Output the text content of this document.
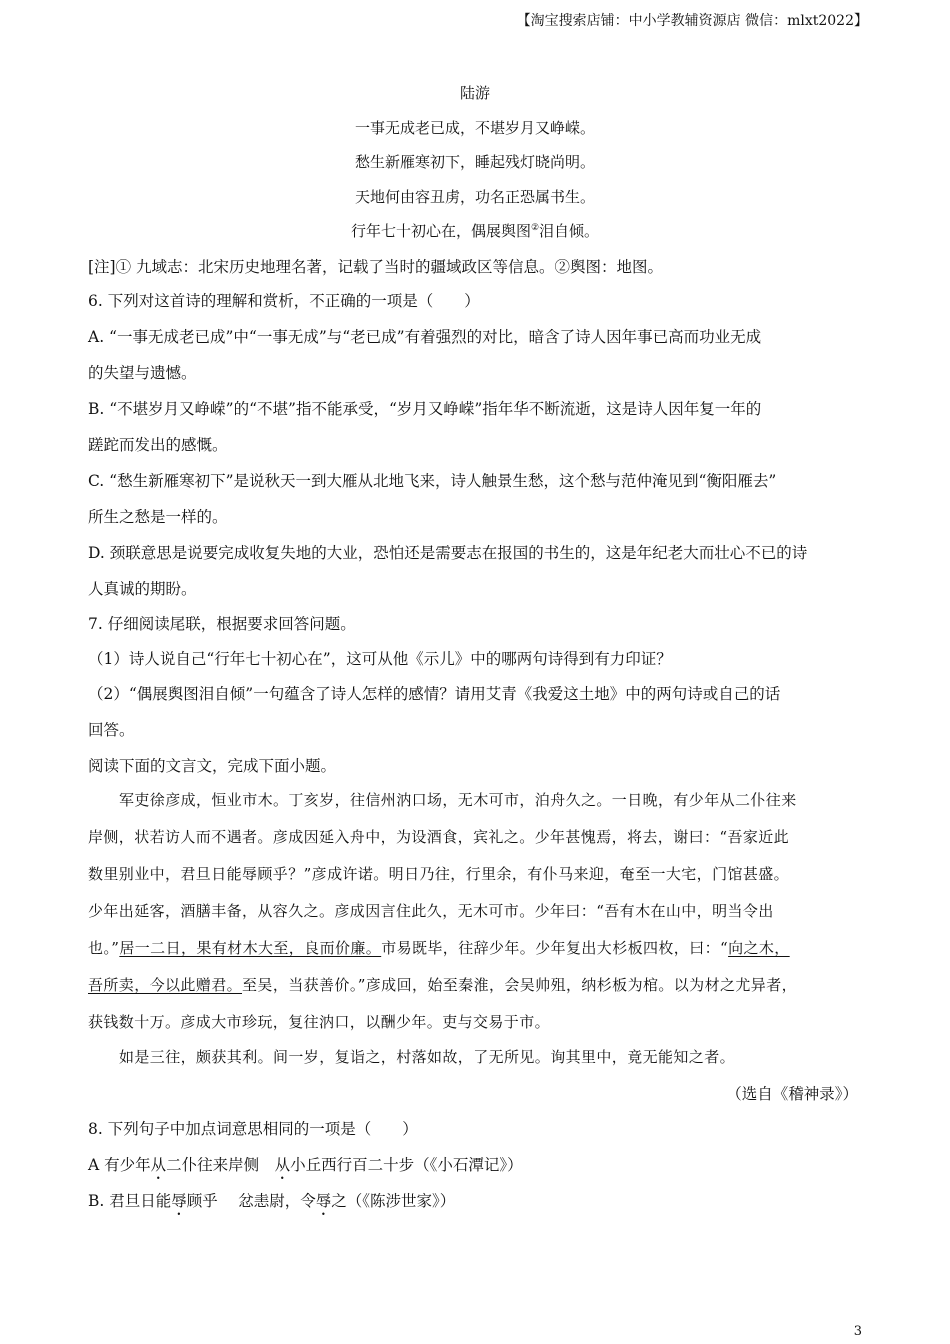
【淘宝搜索店铺：中小学教辅资源店 微信：mlxt2022】
陆游
一事无成老已成，不堪岁月又峥嵘。
愁生新雁寒初下，睡起残灯晓尚明。
天地何由容丑虏，功名正恐属书生。
行年七十初心在，偶展舆图②泪自倾。
[注]① 九域志：北宋历史地理名著，记载了当时的疆域政区等信息。②舆图：地图。
6. 下列对这首诗的理解和赏析，不正确的一项是（　　）
A. “一事无成老已成”中“一事无成”与“老已成”有着强烈的对比，暗含了诗人因年事已高而功业无成
的失望与遗憾。
B. “不堪岁月又峥嵘”的“不堪”指不能承受，“岁月又峥嵘”指年华不断流逝，这是诗人因年复一年的
蹉跎而发出的感慨。
C. “愁生新雁寒初下”是说秋天一到大雁从北地飞来，诗人触景生愁，这个愁与范仲淹见到“衡阳雁去”
所生之愁是一样的。
D. 颈联意思是说要完成收复失地的大业，恐怕还是需要志在报国的书生的，这是年纪老大而壮心不已的诗
人真诚的期盼。
7. 仔细阅读尾联，根据要求回答问题。
（1）诗人说自己“行年七十初心在”，这可从他《示儿》中的哪两句诗得到有力印证？
（2）“偶展舆图泪自倾”一句蕴含了诗人怎样的感情？请用艾青《我爱这土地》中的两句诗或自己的话
回答。
阅读下面的文言文，完成下面小题。
军吏徐彦成，恒业市木。丁亥岁，往信州汭口场，无木可市，泊舟久之。一日晚，有少年从二仆往来
岸侧，状若访人而不遇者。彦成因延入舟中，为设酒食，宾礼之。少年甚愧焉，将去，谢曰：“吾家近此
数里别业中，君旦日能辱顾乎？”彦成许诺。明日乃往，行里余，有仆马来迎，奄至一大宅，门馆甚盛。
少年出延客，酒膳丰备，从容久之。彦成因言住此久，无木可市。少年曰：“吾有木在山中，明当令出
也。”居一二日，果有材木大至，良而价廉。市易既毕，往辞少年。少年复出大杉板四枚，曰：“向之木，
吾所卖，今以此赠君。至吴，当获善价。”彦成回，始至秦淮，会吴帅殂，纳杉板为棺。以为材之尤异者，
获钱数十万。彦成大市珍玩，复往汭口，以酬少年。吏与交易于市。
如是三往，颇获其利。间一岁，复诣之，村落如故，了无所见。询其里中，竟无能知之者。
（选自《稽神录》）
8. 下列句子中加点词意思相同的一项是（　　）
A 有少年从二仆往来岸侧　从小丘西行百二十步（《小石潭记》）
B. 君旦日能辱顾乎　 忿恚尉，令辱之（《陈涉世家》）
3
